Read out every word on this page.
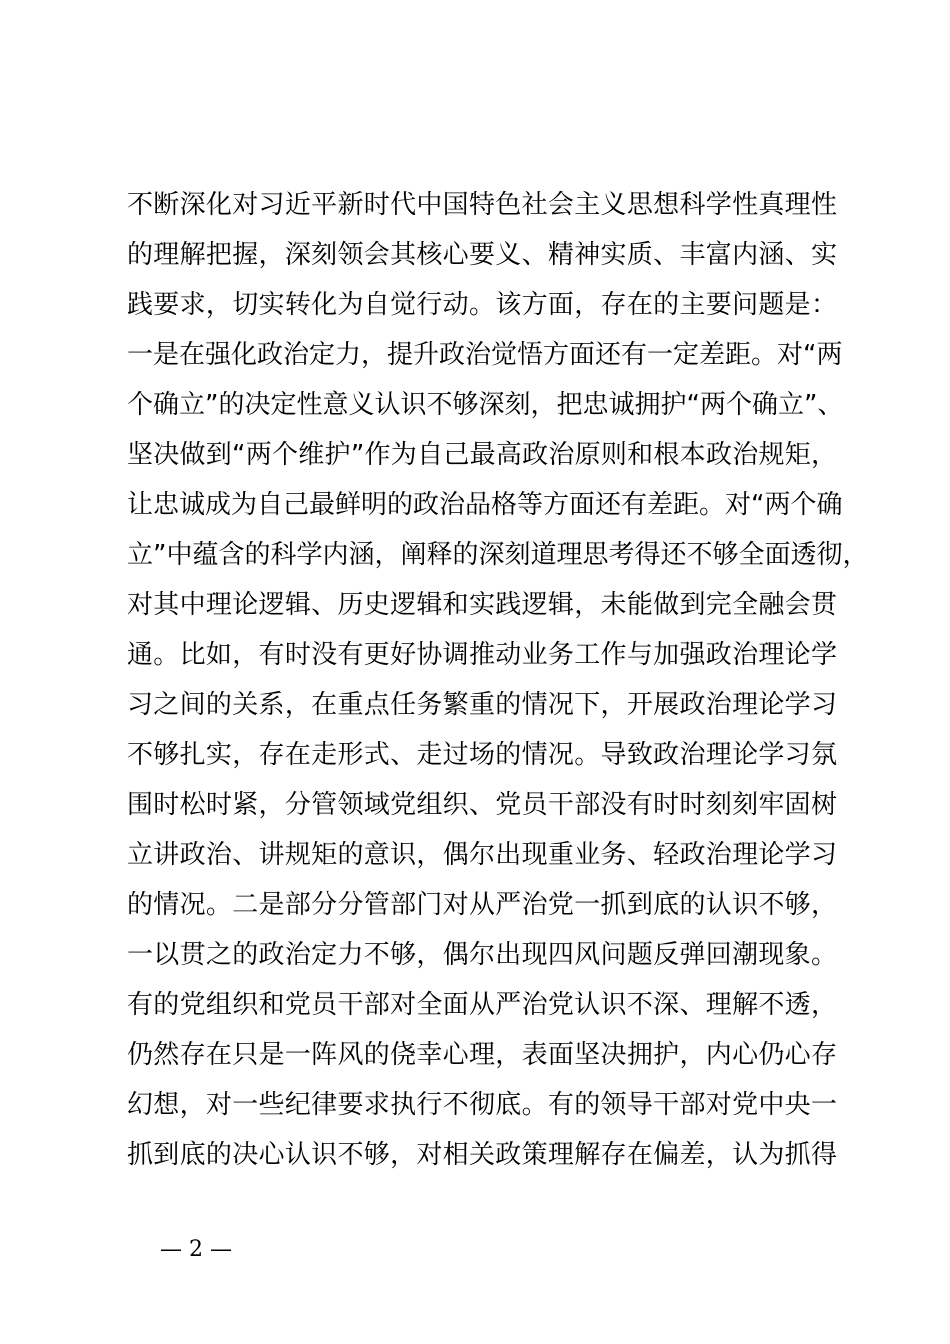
不断深化对习近平新时代中国特色社会主义思想科学性真理性
的理解把握，深刻领会其核心要义、精神实质、丰富内涵、实
践要求，切实转化为自觉行动。该方面，存在的主要问题是：
一是在强化政治定力，提升政治觉悟方面还有一定差距。对“两
个确立”的决定性意义认识不够深刻，把忠诚拥护“两个确立”、
坚决做到“两个维护”作为自己最高政治原则和根本政治规矩，
让忠诚成为自己最鲜明的政治品格等方面还有差距。对“两个确
立”中蕴含的科学内涵，阐释的深刻道理思考得还不够全面透彻，
对其中理论逻辑、历史逻辑和实践逻辑，未能做到完全融会贯
通。比如，有时没有更好协调推动业务工作与加强政治理论学
习之间的关系，在重点任务繁重的情况下，开展政治理论学习
不够扎实，存在走形式、走过场的情况。导致政治理论学习氛
围时松时紧，分管领域党组织、党员干部没有时时刻刻牢固树
立讲政治、讲规矩的意识，偶尔出现重业务、轻政治理论学习
的情况。二是部分分管部门对从严治党一抓到底的认识不够，
一以贯之的政治定力不够，偶尔出现四风问题反弹回潮现象。
有的党组织和党员干部对全面从严治党认识不深、理解不透，
仍然存在只是一阵风的侥幸心理，表面坚决拥护，内心仍心存
幻想，对一些纪律要求执行不彻底。有的领导干部对党中央一
抓到底的决心认识不够，对相关政策理解存在偏差，认为抓得
— 2 —
